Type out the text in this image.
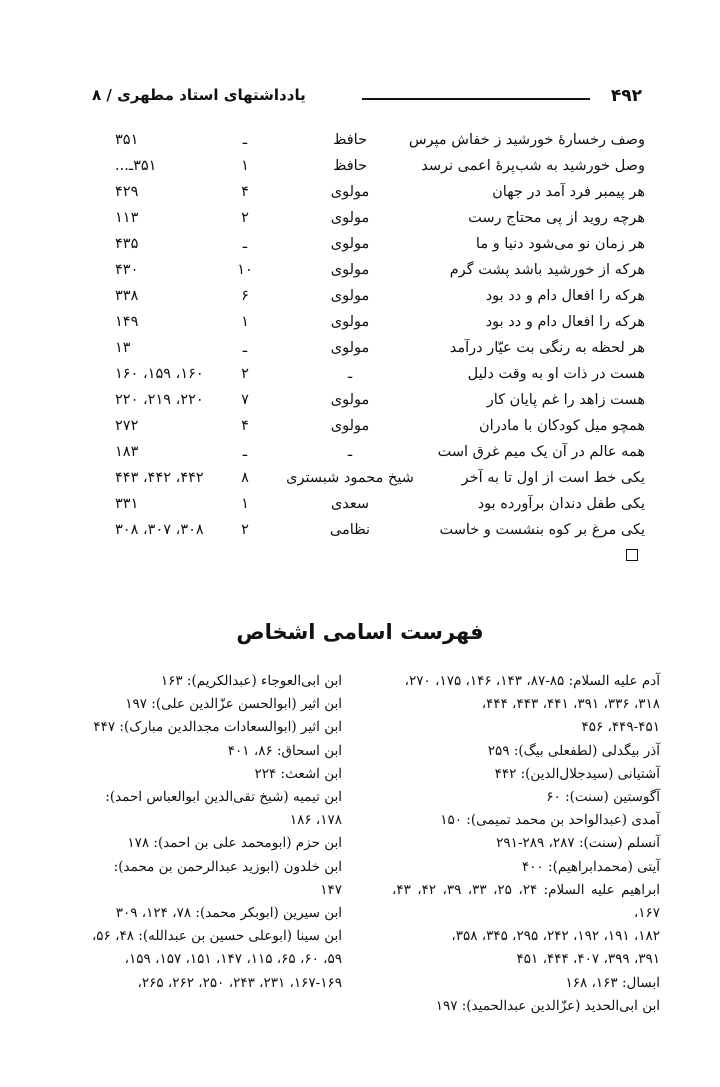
۴۹۲
یادداشتهای استاد مطهری / ۸
وصف رخسارهٔ خورشید ز خفاش مپرس
حافظ
ـ
۳۵۱
وصل خورشید به شب‌پرهٔ اعمی نرسد
حافظ
۱
۳۵۱ـ...
هر پیمبر فرد آمد در جهان
مولوی
۴
۴۲۹
هرچه روید از پی محتاج رست
مولوی
۲
۱۱۳
هر زمان نو می‌شود دنیا و ما
مولوی
ـ
۴۳۵
هرکه از خورشید باشد پشت گرم
مولوی
۱۰
۴۳۰
هرکه را افعال دام و دد بود
مولوی
۶
۳۳۸
هرکه را افعال دام و دد بود
مولوی
۱
۱۴۹
هر لحظه به رنگی بت عیّار درآمد
مولوی
ـ
۱۳
هست در ذات او به وقت دلیل
ـ
۲
۱۶۰، ۱۵۹، ۱۶۰
هست زاهد را غم پایان کار
مولوی
۷
۲۲۰، ۲۱۹، ۲۲۰
همچو میل کودکان با مادران
مولوی
۴
۲۷۲
همه عالم در آن یک میم غرق است
ـ
ـ
۱۸۳
یکی خط است از اول تا به آخر
شیخ محمود شبستری
۸
۴۴۲، ۴۴۲، ۴۴۳
یکی طفل دندان برآورده بود
سعدی
۱
۳۳۱
یکی مرغ بر کوه بنشست و خاست
نظامی
۲
۳۰۸، ۳۰۷، ۳۰۸
فهرست اسامی اشخاص
آدم علیه السلام: ۸۵-۸۷، ۱۴۳، ۱۴۶، ۱۷۵، ۲۷۰،
۳۱۸، ۳۳۶، ۳۹۱، ۴۴۱، ۴۴۳، ۴۴۴،
۴۴۹-۴۵۱، ۴۵۶
آذر بیگدلی (لطفعلی بیگ): ۲۵۹
آشتیانی (سیدجلال‌الدین): ۴۴۲
آگوستین (سنت): ۶۰
آمدی (عبدالواحد بن محمد تمیمی): ۱۵۰
آنسلم (سنت): ۲۸۷، ۲۸۹-۲۹۱
آیتی (محمدابراهیم): ۴۰۰
ابراهیم علیه السلام: ۲۴، ۲۵، ۳۳، ۳۹، ۴۲، ۴۳، ۱۶۷،
۱۸۲، ۱۹۱، ۱۹۲، ۲۴۲، ۲۹۵، ۳۴۵، ۳۵۸،
۳۹۱، ۳۹۹، ۴۰۷، ۴۴۴، ۴۵۱
ابسال: ۱۶۳، ۱۶۸
ابن ابی‌الحدید (عزّالدین عبدالحمید): ۱۹۷
ابن ابی‌العوجاء (عبدالکریم): ۱۶۳
ابن اثیر (ابوالحسن عزّالدین علی): ۱۹۷
ابن اثیر (ابوالسعادات مجدالدین مبارک): ۴۴۷
ابن اسحاق: ۸۶، ۴۰۱
ابن اشعث: ۲۲۴
ابن تیمیه (شیخ تقی‌الدین ابوالعباس احمد):
۱۷۸، ۱۸۶
ابن حزم (ابومحمد علی بن احمد): ۱۷۸
ابن خلدون (ابوزید عبدالرحمن بن محمد):
۱۴۷
ابن سیرین (ابوبکر محمد): ۷۸، ۱۲۴، ۳۰۹
ابن سینا (ابوعلی حسین بن عبدالله): ۴۸، ۵۶،
۵۹، ۶۰، ۶۵، ۱۱۵، ۱۴۷، ۱۵۱، ۱۵۷، ۱۵۹،
۱۶۷-۱۶۹، ۲۳۱، ۲۴۳، ۲۵۰، ۲۶۲، ۲۶۵،
